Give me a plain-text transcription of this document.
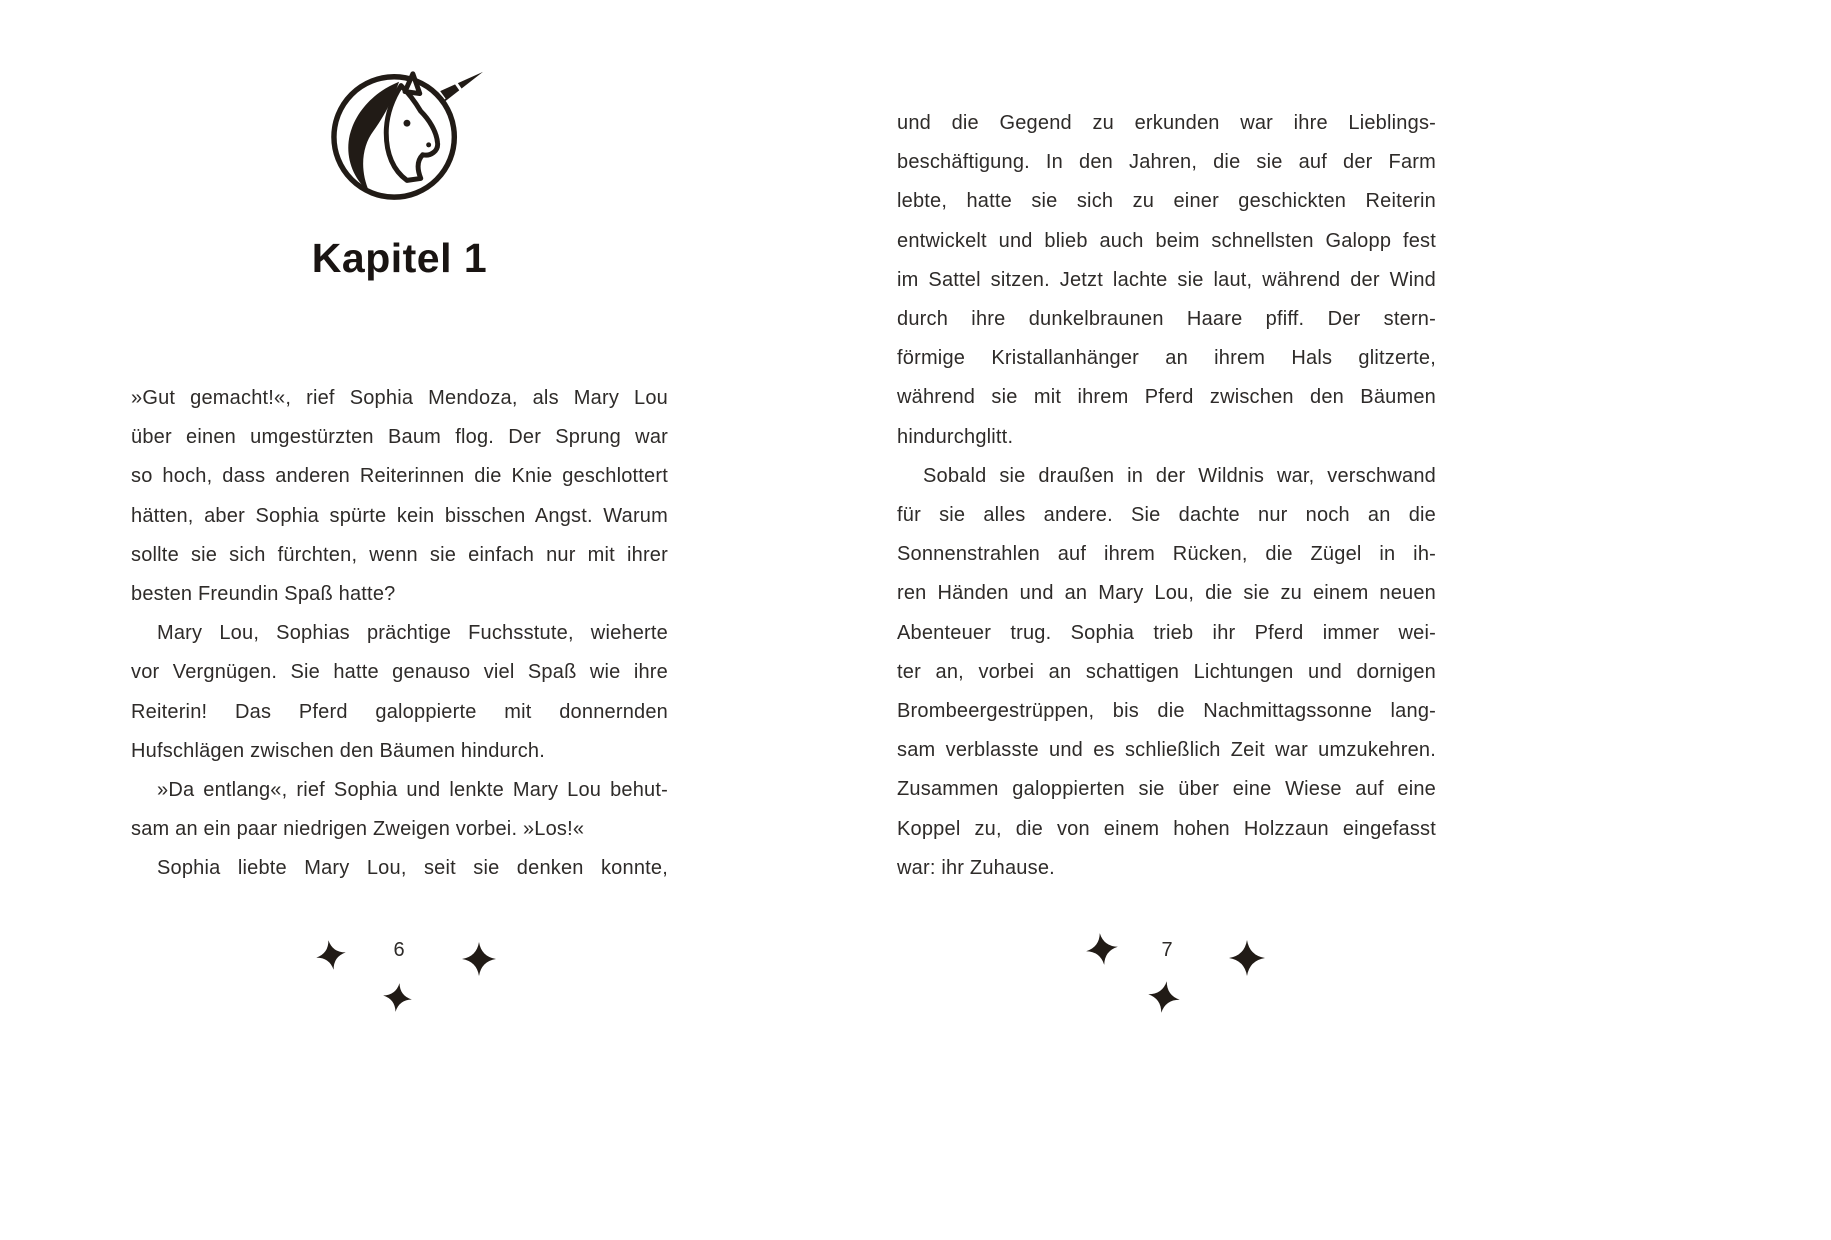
Kapitel 1
»Gut gemacht!«, rief Sophia Mendoza, als Mary Lou
über einen umgestürzten Baum flog. Der Sprung war
so hoch, dass anderen Reiterinnen die Knie geschlottert
hätten, aber Sophia spürte kein bisschen Angst. Warum
sollte sie sich fürchten, wenn sie einfach nur mit ihrer
besten Freundin Spaß hatte?
Mary Lou, Sophias prächtige Fuchsstute, wieherte
vor Vergnügen. Sie hatte genauso viel Spaß wie ihre
Reiterin! Das Pferd galoppierte mit donnernden
Hufschlägen zwischen den Bäumen hindurch.
»Da entlang«, rief Sophia und lenkte Mary Lou behut-
sam an ein paar niedrigen Zweigen vorbei. »Los!«
Sophia liebte Mary Lou, seit sie denken konnte,
6
und die Gegend zu erkunden war ihre Lieblings-
beschäftigung. In den Jahren, die sie auf der Farm
lebte, hatte sie sich zu einer geschickten Reiterin
entwickelt und blieb auch beim schnellsten Galopp fest
im Sattel sitzen. Jetzt lachte sie laut, während der Wind
durch ihre dunkelbraunen Haare pfiff. Der stern-
förmige Kristallanhänger an ihrem Hals glitzerte,
während sie mit ihrem Pferd zwischen den Bäumen
hindurchglitt.
Sobald sie draußen in der Wildnis war, verschwand
für sie alles andere. Sie dachte nur noch an die
Sonnenstrahlen auf ihrem Rücken, die Zügel in ih-
ren Händen und an Mary Lou, die sie zu einem neuen
Abenteuer trug. Sophia trieb ihr Pferd immer wei-
ter an, vorbei an schattigen Lichtungen und dornigen
Brombeergestrüppen, bis die Nachmittagssonne lang-
sam verblasste und es schließlich Zeit war umzukehren.
Zusammen galoppierten sie über eine Wiese auf eine
Koppel zu, die von einem hohen Holzzaun eingefasst
war: ihr Zuhause.
7
